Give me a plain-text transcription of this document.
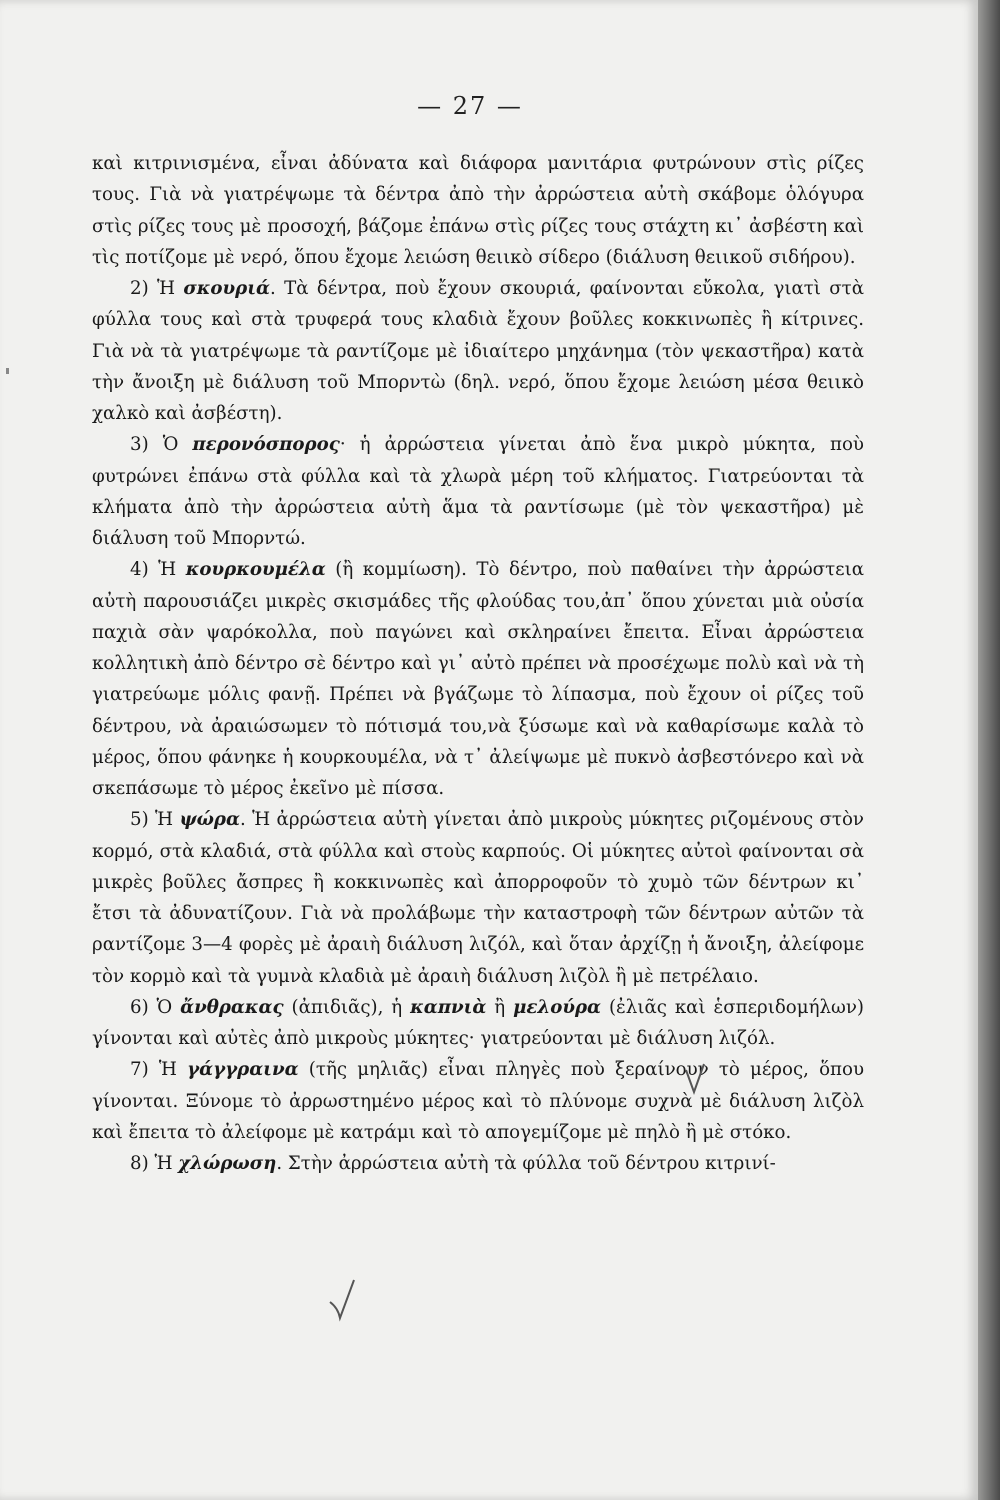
— 27 —

καὶ κιτρινισμένα, εἶναι ἀδύνατα καὶ διάφορα μανιτάρια φυτρώνουν στὶς ρίζες τους. Γιὰ νὰ γιατρέψωμε τὰ δέντρα ἀπὸ τὴν ἀρρώστεια αὐτὴ σκάβομε ὁλόγυρα στὶς ρίζες τους μὲ προσοχή, βάζομε ἐπάνω στὶς ρίζες τους στάχτη κι᾿ ἀσβέστη καὶ τὶς ποτίζομε μὲ νερό, ὅπου ἔχομε λειώση θειικὸ σίδερο (διάλυση θειικοῦ σιδήρου).

2) Ἡ σκουριά. Τὰ δέντρα, ποὺ ἔχουν σκουριά, φαίνονται εὔκολα, γιατὶ στὰ φύλλα τους καὶ στὰ τρυφερά τους κλαδιὰ ἔχουν βοῦλες κοκκινωπὲς ἢ κίτρινες. Γιὰ νὰ τὰ γιατρέψωμε τὰ ραντίζομε μὲ ἰδιαίτερο μηχάνημα (τὸν ψεκαστῆρα) κατὰ τὴν ἄνοιξη μὲ διάλυση τοῦ Μπορντὼ (δηλ. νερό, ὅπου ἔχομε λειώση μέσα θειικὸ χαλκὸ καὶ ἀσβέστη).

3) Ὁ περονόσπορος· ἡ ἀρρώστεια γίνεται ἀπὸ ἕνα μικρὸ μύκητα, ποὺ φυτρώνει ἐπάνω στὰ φύλλα καὶ τὰ χλωρὰ μέρη τοῦ κλήματος. Γιατρεύονται τὰ κλήματα ἀπὸ τὴν ἀρρώστεια αὐτὴ ἅμα τὰ ραντίσωμε (μὲ τὸν ψεκαστῆρα) μὲ διάλυση τοῦ Μπορντώ.

4) Ἡ κουρκουμέλα (ἢ κομμίωση). Τὸ δέντρο, ποὺ παθαίνει τὴν ἀρρώστεια αὐτὴ παρουσιάζει μικρὲς σκισμάδες τῆς φλούδας του,ἀπ᾿ ὅπου χύνεται μιὰ οὐσία παχιὰ σὰν ψαρόκολλα, ποὺ παγώνει καὶ σκληραίνει ἔπειτα. Εἶναι ἀρρώστεια κολλητικὴ ἀπὸ δέντρο σὲ δέντρο καὶ γι᾿ αὐτὸ πρέπει νὰ προσέχωμε πολὺ καὶ νὰ τὴ γιατρεύωμε μόλις φανῇ. Πρέπει νὰ βγάζωμε τὸ λίπασμα, ποὺ ἔχουν οἱ ρίζες τοῦ δέντρου, νὰ ἀραιώσωμεν τὸ πότισμά του,νὰ ξύσωμε καὶ νὰ καθαρίσωμε καλὰ τὸ μέρος, ὅπου φάνηκε ἡ κουρκουμέλα, νὰ τ᾿ ἀλείψωμε μὲ πυκνὸ ἀσβεστόνερο καὶ νὰ σκεπάσωμε τὸ μέρος ἐκεῖνο μὲ πίσσα.

5) Ἡ ψώρα. Ἡ ἀρρώστεια αὐτὴ γίνεται ἀπὸ μικροὺς μύκητες ριζομένους στὸν κορμό, στὰ κλαδιά, στὰ φύλλα καὶ στοὺς καρπούς. Οἱ μύκητες αὐτοὶ φαίνονται σὰ μικρὲς βοῦλες ἄσπρες ἢ κοκκινωπὲς καὶ ἀπορροφοῦν τὸ χυμὸ τῶν δέντρων κι᾿ ἔτσι τὰ ἀδυνατίζουν. Γιὰ νὰ προλάβωμε τὴν καταστροφὴ τῶν δέντρων αὐτῶν τὰ ραντίζομε 3—4 φορὲς μὲ ἀραιὴ διάλυση λιζόλ, καὶ ὅταν ἀρχίζῃ ἡ ἄνοιξη, ἀλείφομε τὸν κορμὸ καὶ τὰ γυμνὰ κλαδιὰ μὲ ἀραιὴ διάλυση λιζὸλ ἢ μὲ πετρέλαιο.

6) Ὁ ἄνθρακας (ἀπιδιᾶς), ἡ καπνιὰ ἢ μελούρα (ἐλιᾶς καὶ ἑσπεριδομήλων) γίνονται καὶ αὐτὲς ἀπὸ μικροὺς μύκητες· γιατρεύονται μὲ διάλυση λιζόλ.

7) Ἡ γάγγραινα (τῆς μηλιᾶς) εἶναι πληγὲς ποὺ ξεραίνουν τὸ μέρος, ὅπου γίνονται. Ξύνομε τὸ ἀρρωστημένο μέρος καὶ τὸ πλύνομε συχνὰ μὲ διάλυση λιζὸλ καὶ ἔπειτα τὸ ἀλείφομε μὲ κατράμι καὶ τὸ απογεμίζομε μὲ πηλὸ ἢ μὲ στόκο.

8) Ἡ χλώρωση. Στὴν ἀρρώστεια αὐτὴ τὰ φύλλα τοῦ δέντρου κιτρινί-
